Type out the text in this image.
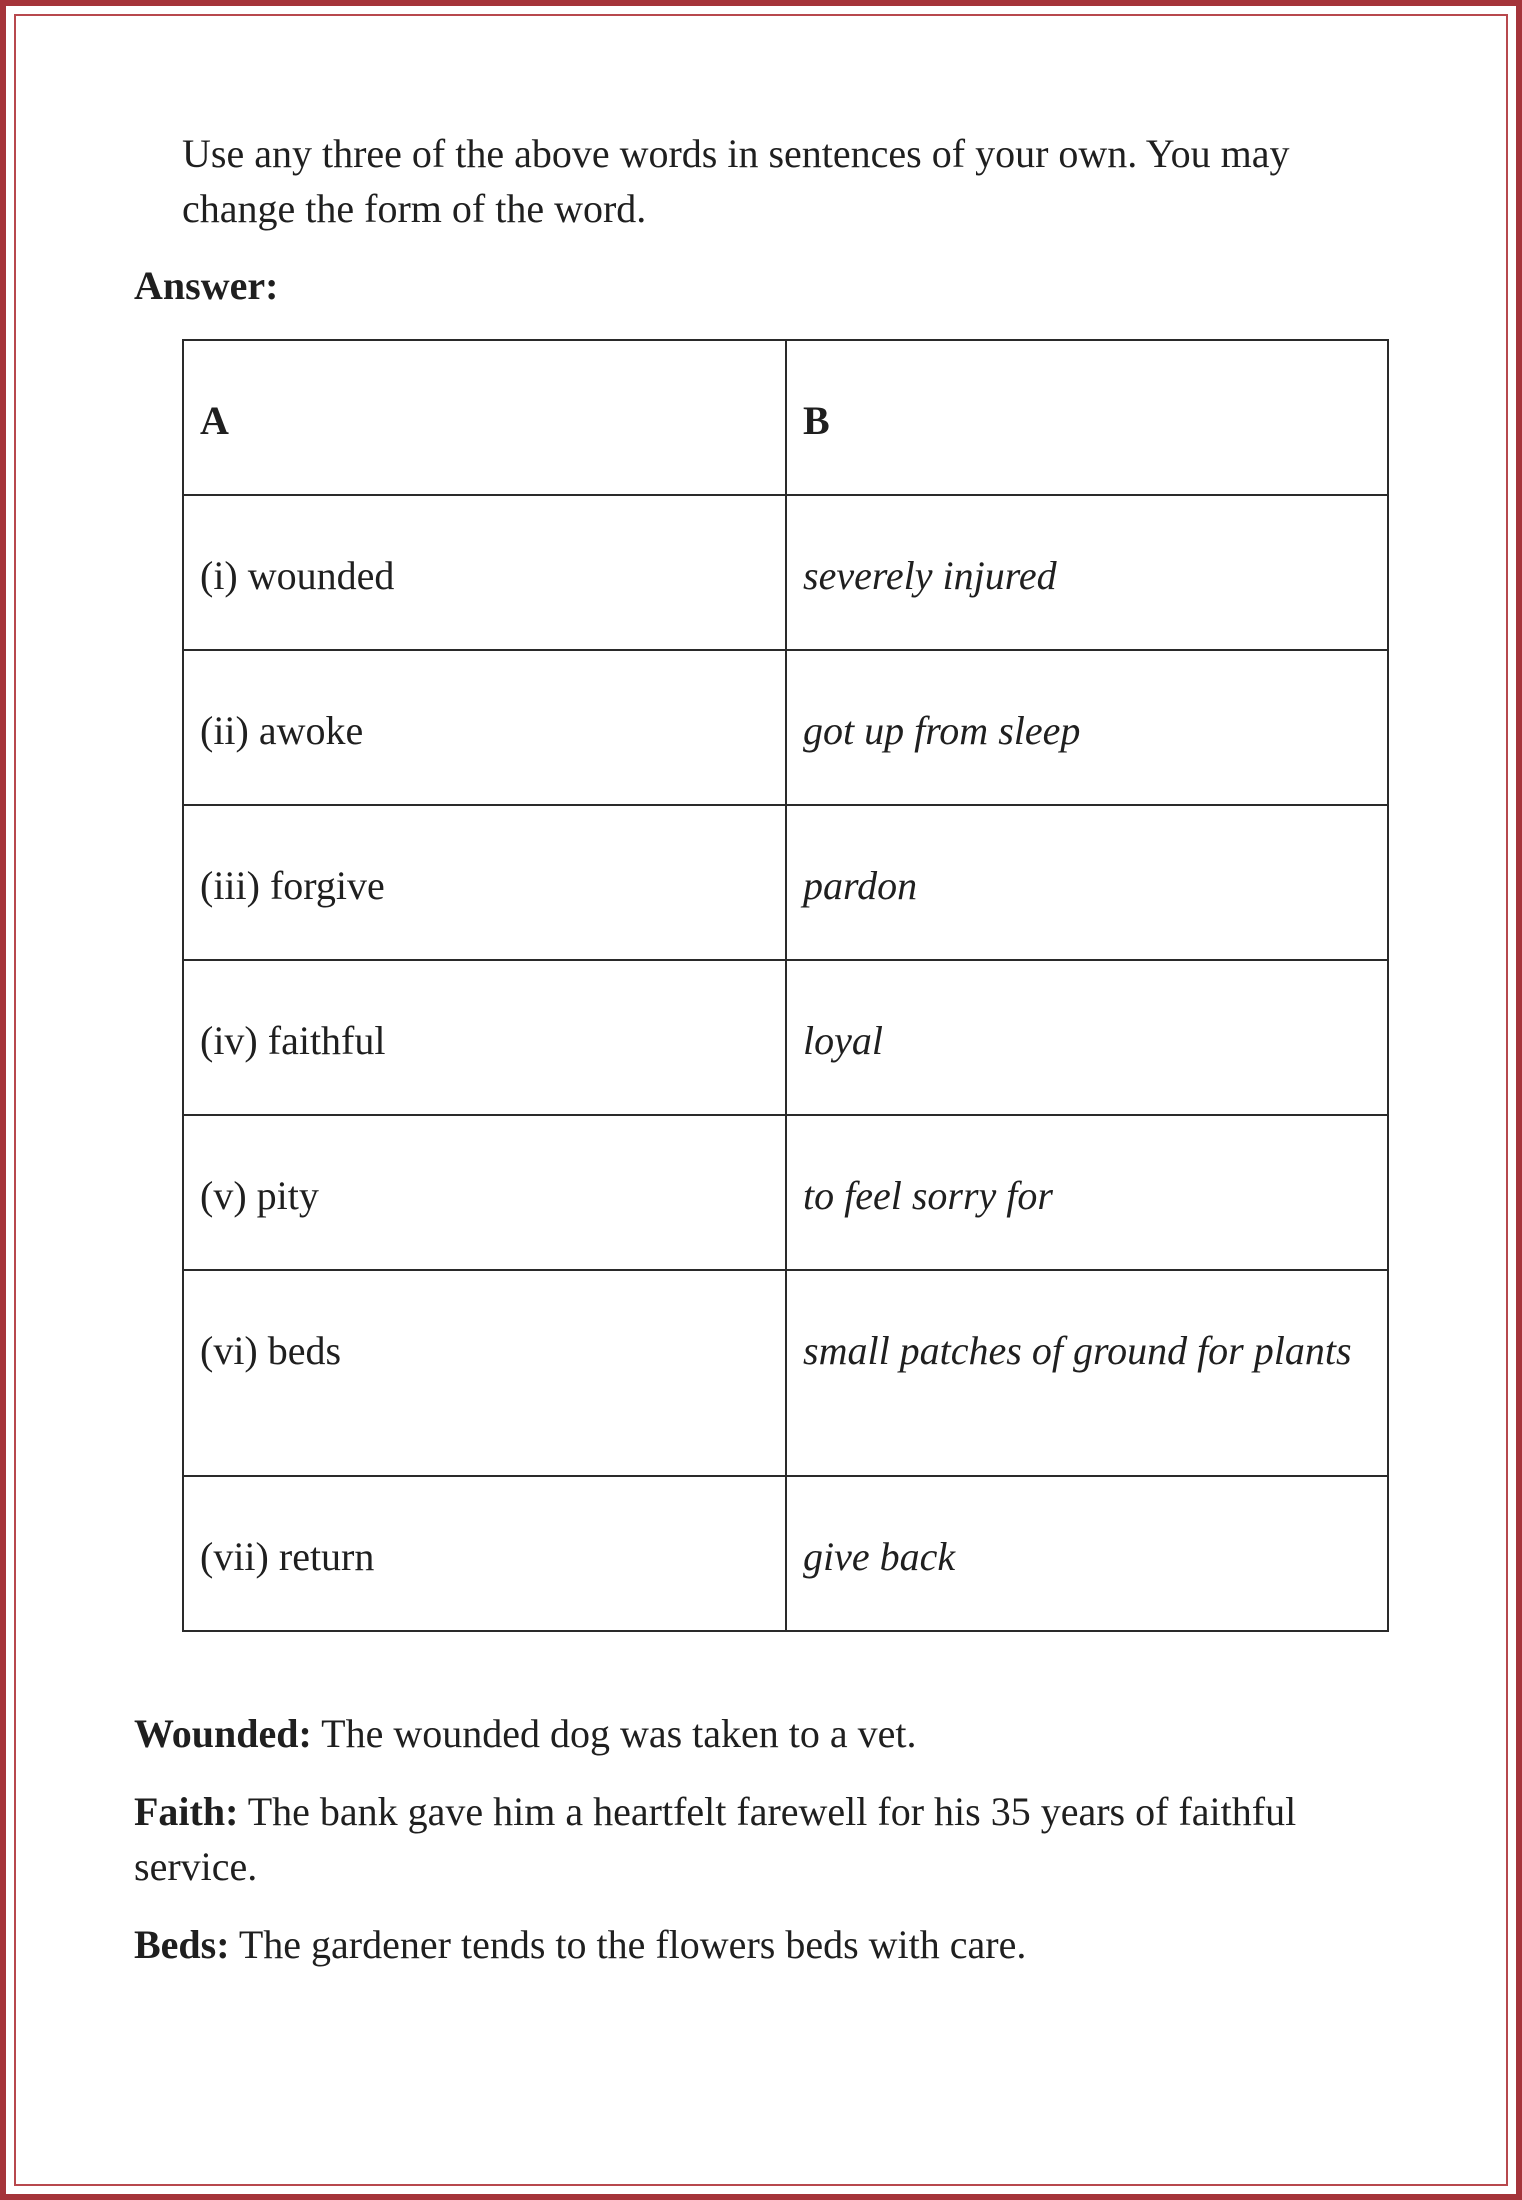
Use any three of the above words in sentences of your own. You may change the form of the word.

Answer:

A	B
(i) wounded	severely injured
(ii) awoke	got up from sleep
(iii) forgive	pardon
(iv) faithful	loyal
(v) pity	to feel sorry for
(vi) beds	small patches of ground for plants
(vii) return	give back

Wounded: The wounded dog was taken to a vet.

Faith: The bank gave him a heartfelt farewell for his 35 years of faithful service.

Beds: The gardener tends to the flowers beds with care.
